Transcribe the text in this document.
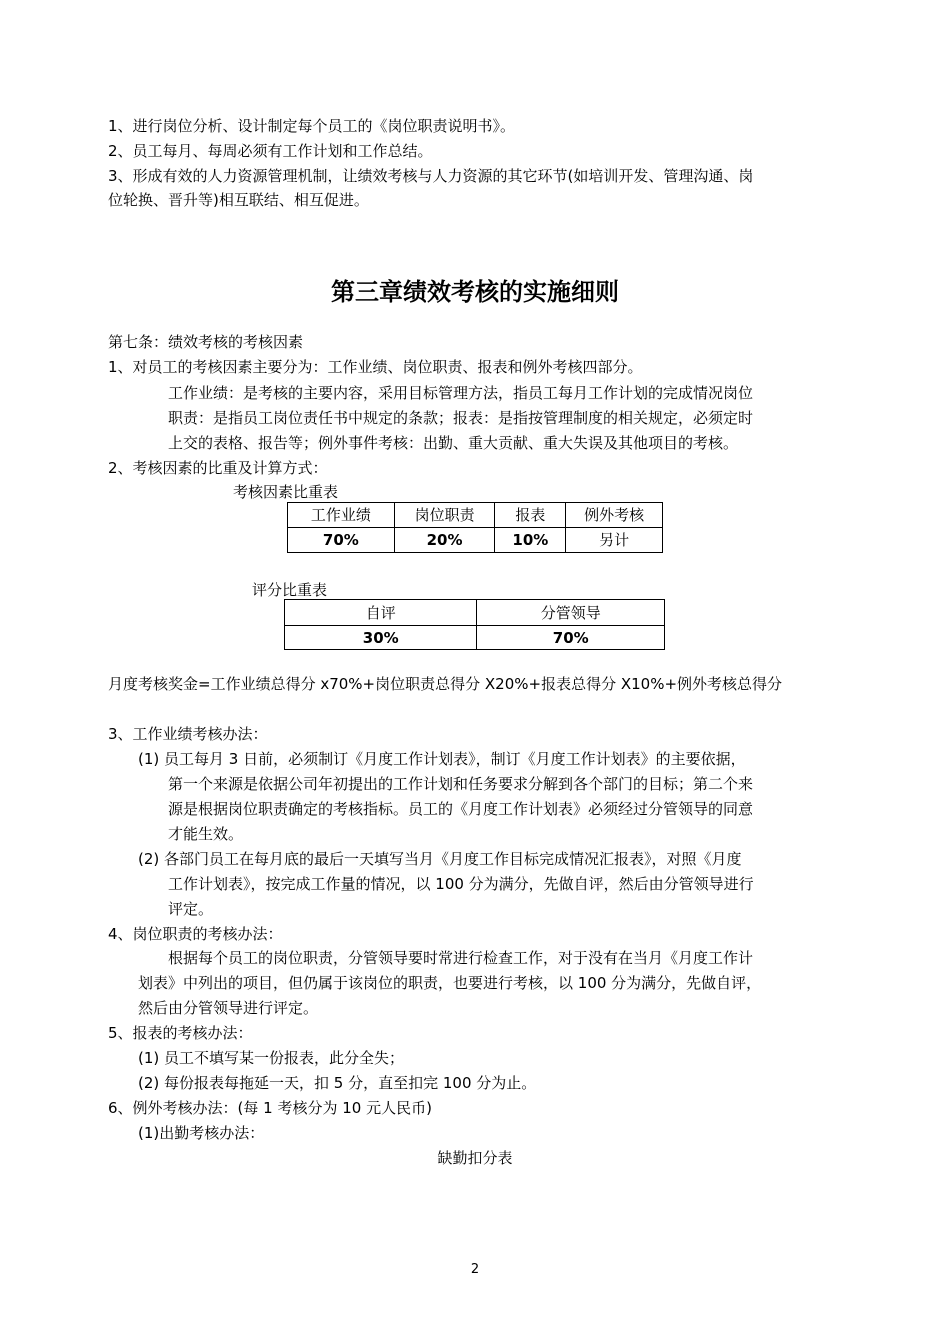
1、进行岗位分析、设计制定每个员工的《岗位职责说明书》。
2、员工每月、每周必须有工作计划和工作总结。
3、形成有效的人力资源管理机制，让绩效考核与人力资源的其它环节(如培训开发、管理沟通、岗
位轮换、晋升等)相互联结、相互促进。
第三章绩效考核的实施细则
第七条：绩效考核的考核因素
1、对员工的考核因素主要分为：工作业绩、岗位职责、报表和例外考核四部分。
工作业绩：是考核的主要内容，采用目标管理方法，指员工每月工作计划的完成情况岗位
职责：是指员工岗位责任书中规定的条款；报表：是指按管理制度的相关规定，必须定时
上交的表格、报告等；例外事件考核：出勤、重大贡献、重大失误及其他项目的考核。
2、考核因素的比重及计算方式：
考核因素比重表
工作业绩	岗位职责	报表	例外考核
70%	20%	10%	另计
评分比重表
自评	分管领导
30%	70%
月度考核奖金=工作业绩总得分 x70%+岗位职责总得分 X20%+报表总得分 X10%+例外考核总得分
3、工作业绩考核办法：
(1) 员工每月 3 日前，必须制订《月度工作计划表》，制订《月度工作计划表》的主要依据，
第一个来源是依据公司年初提出的工作计划和任务要求分解到各个部门的目标；第二个来
源是根据岗位职责确定的考核指标。员工的《月度工作计划表》必须经过分管领导的同意
才能生效。
(2) 各部门员工在每月底的最后一天填写当月《月度工作目标完成情况汇报表》，对照《月度
工作计划表》，按完成工作量的情况，以 100 分为满分，先做自评，然后由分管领导进行
评定。
4、岗位职责的考核办法：
根据每个员工的岗位职责，分管领导要时常进行检查工作，对于没有在当月《月度工作计
划表》中列出的项目，但仍属于该岗位的职责，也要进行考核，以 100 分为满分，先做自评，
然后由分管领导进行评定。
5、报表的考核办法：
(1) 员工不填写某一份报表，此分全失；
(2) 每份报表每拖延一天，扣 5 分，直至扣完 100 分为止。
6、例外考核办法：(每 1 考核分为 10 元人民币)
(1)出勤考核办法：
缺勤扣分表
2
